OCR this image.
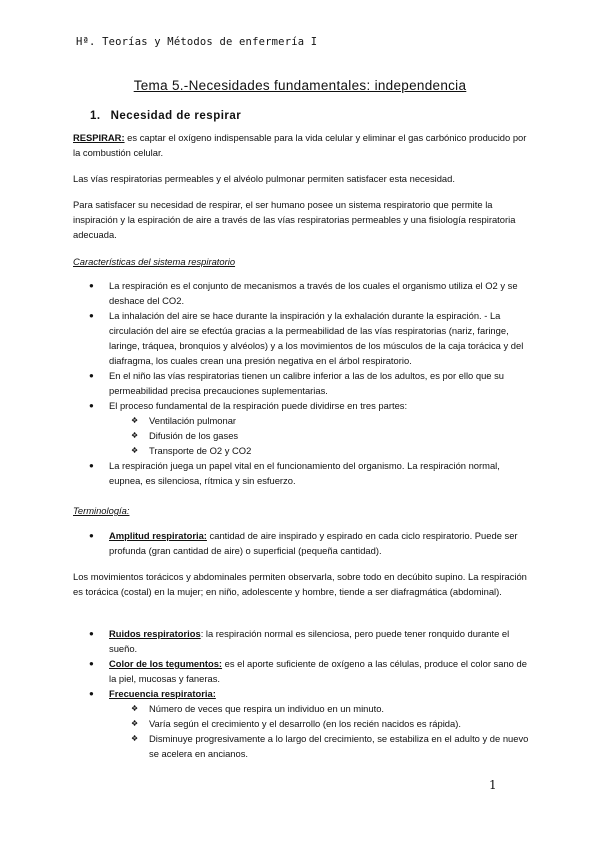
Hª. Teorías y Métodos de enfermería I
Tema 5.-Necesidades fundamentales: independencia
1. Necesidad de respirar
RESPIRAR: es captar el oxígeno indispensable para la vida celular y eliminar el gas carbónico producido por la combustión celular.
Las vías respiratorias permeables y el alvéolo pulmonar permiten satisfacer esta necesidad.
Para satisfacer su necesidad de respirar, el ser humano posee un sistema respiratorio que permite la inspiración y la espiración de aire a través de las vías respiratorias permeables y una fisiología respiratoria adecuada.
Características del sistema respiratorio
● La respiración es el conjunto de mecanismos a través de los cuales el organismo utiliza el O2 y se deshace del CO2.
● La inhalación del aire se hace durante la inspiración y la exhalación durante la espiración. - La circulación del aire se efectúa gracias a la permeabilidad de las vías respiratorias (nariz, faringe, laringe, tráquea, bronquios y alvéolos) y a los movimientos de los músculos de la caja torácica y del diafragma, los cuales crean una presión negativa en el árbol respiratorio.
● En el niño las vías respiratorias tienen un calibre inferior a las de los adultos, es por ello que su permeabilidad precisa precauciones suplementarias.
● El proceso fundamental de la respiración puede dividirse en tres partes:
❖ Ventilación pulmonar
❖ Difusión de los gases
❖ Transporte de O2 y CO2
● La respiración juega un papel vital en el funcionamiento del organismo. La respiración normal, eupnea, es silenciosa, rítmica y sin esfuerzo.
Terminología:
● Amplitud respiratoria: cantidad de aire inspirado y espirado en cada ciclo respiratorio. Puede ser profunda (gran cantidad de aire) o superficial (pequeña cantidad).
Los movimientos torácicos y abdominales permiten observarla, sobre todo en decúbito supino. La respiración es torácica (costal) en la mujer; en niño, adolescente y hombre, tiende a ser diafragmática (abdominal).
● Ruidos respiratorios: la respiración normal es silenciosa, pero puede tener ronquido durante el sueño.
● Color de los tegumentos: es el aporte suficiente de oxígeno a las células, produce el color sano de la piel, mucosas y faneras.
● Frecuencia respiratoria:
❖ Número de veces que respira un individuo en un minuto.
❖ Varía según el crecimiento y el desarrollo (en los recién nacidos es rápida).
❖ Disminuye progresivamente a lo largo del crecimiento, se estabiliza en el adulto y de nuevo se acelera en ancianos.
1
